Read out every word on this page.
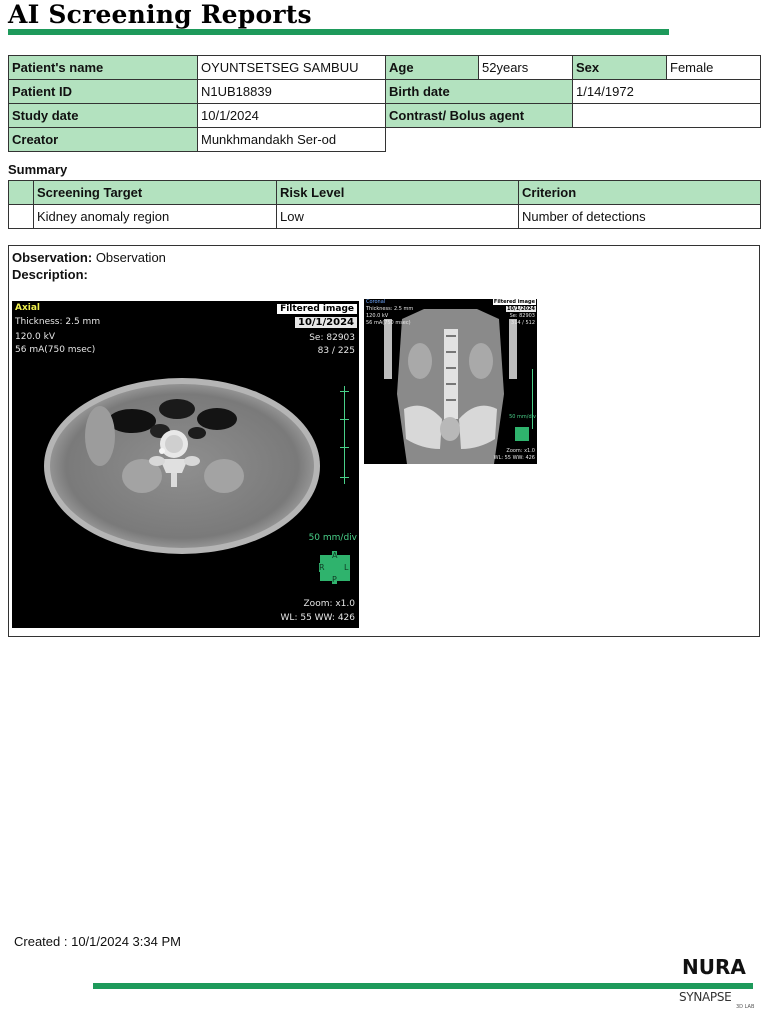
AI Screening Reports
Patient's name	OYUNTSETSEG SAMBUU	Age	52years	Sex	Female
Patient ID	N1UB18839	Birth date		1/14/1972	
Study date	10/1/2024	Contrast/ Bolus agent			
Creator	Munkhmandakh Ser-od
Summary
	Screening Target	Risk Level	Criterion
	Kidney anomaly region	Low	Number of detections
Observation: Observation
Description:
Axial
Thickness: 2.5 mm
120.0 kV
56 mA(750 msec)
Filtered image
10/1/2024
Se: 82903
83 / 225
50 mm/div
A
R L
P
Zoom: x1.0
WL: 55 WW: 426
Coronal
Thickness: 2.5 mm
120.0 kV
56 mA(750 msec)
Filtered image
10/1/2024
Se: 82903
314 / 512
50 mm/div
Zoom: x1.0
WL: 55 WW: 426
Created : 10/1/2024 3:34 PM
NURA
SYNAPSE
3D LAB
